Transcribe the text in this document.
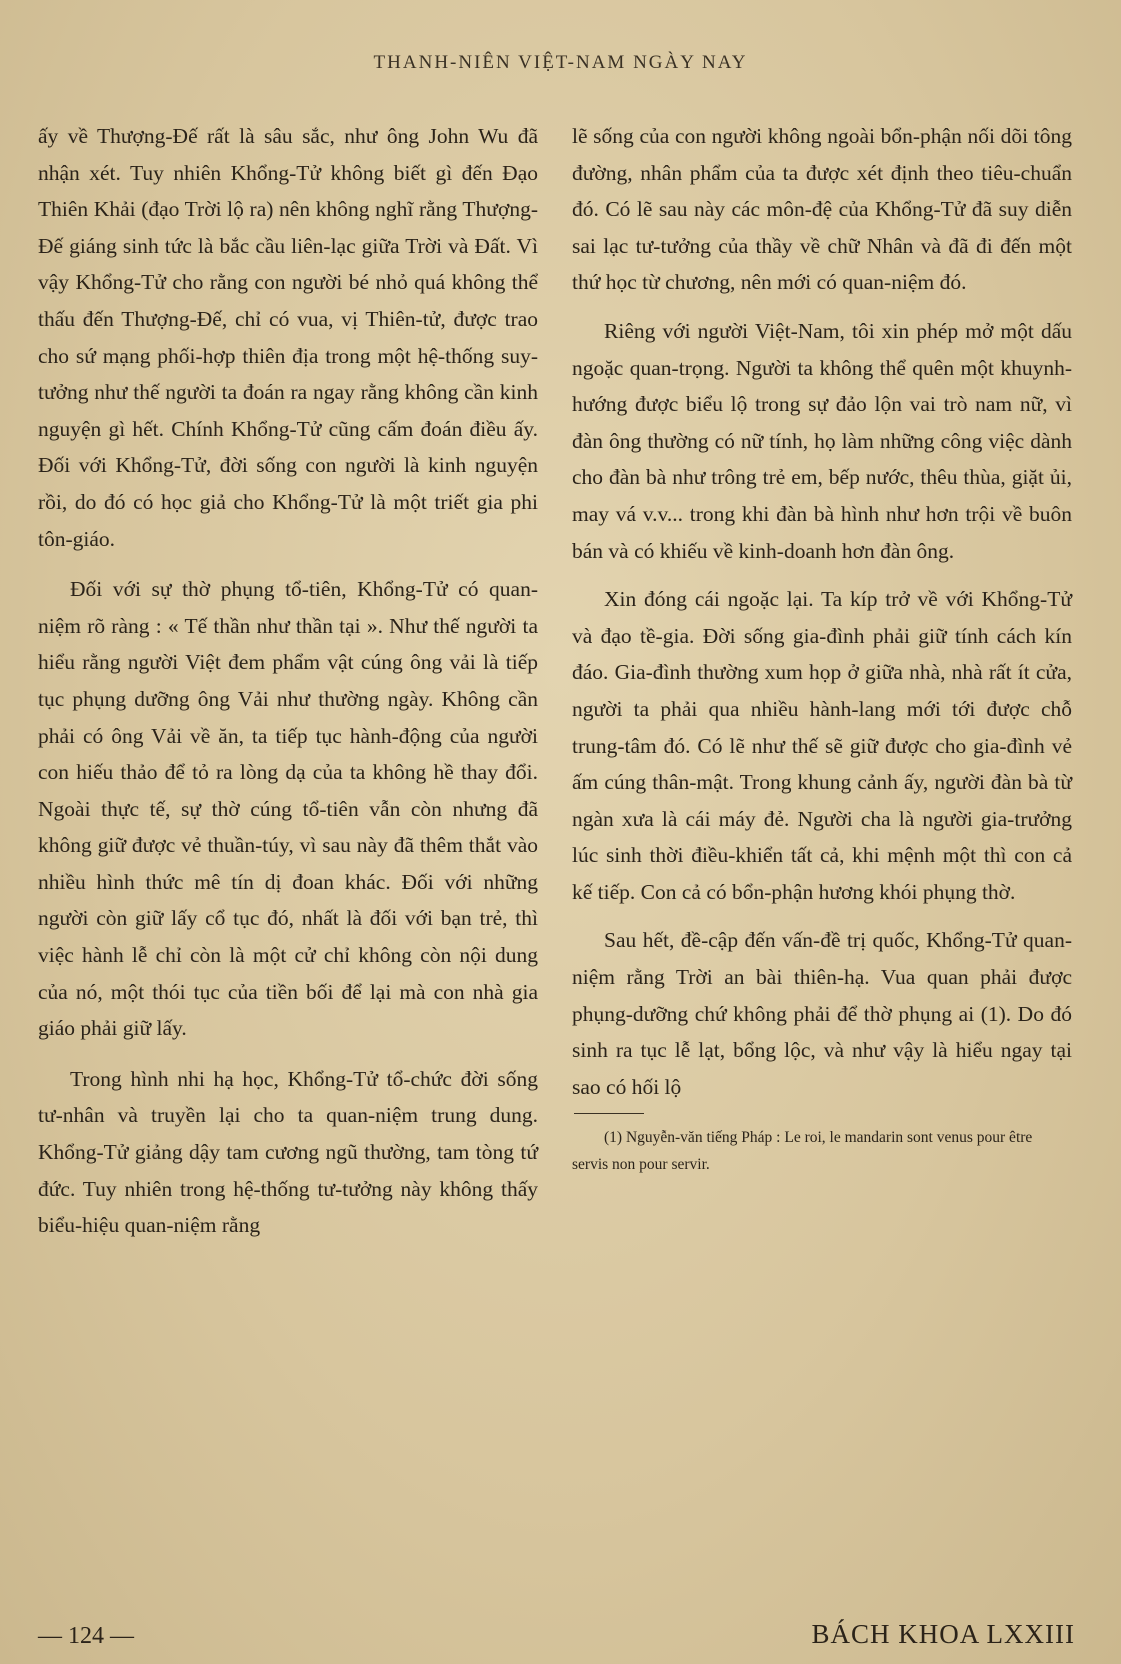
THANH-NIÊN VIỆT-NAM NGÀY NAY

ấy về Thượng-Đế rất là sâu sắc, như ông John Wu đã nhận xét. Tuy nhiên Khổng-Tử không biết gì đến Đạo Thiên Khải (đạo Trời lộ ra) nên không nghĩ rằng Thượng-Đế giáng sinh tức là bắc cầu liên-lạc giữa Trời và Đất. Vì vậy Khổng-Tử cho rằng con người bé nhỏ quá không thể thấu đến Thượng-Đế, chỉ có vua, vị Thiên-tử, được trao cho sứ mạng phối-hợp thiên địa trong một hệ-thống suy-tưởng như thế người ta đoán ra ngay rằng không cần kinh nguyện gì hết. Chính Khổng-Tử cũng cấm đoán điều ấy. Đối với Khổng-Tử, đời sống con người là kinh nguyện rồi, do đó có học giả cho Khổng-Tử là một triết gia phi tôn-giáo.

Đối với sự thờ phụng tổ-tiên, Khổng-Tử có quan-niệm rõ ràng : « Tế thần như thần tại ». Như thế người ta hiểu rằng người Việt đem phẩm vật cúng ông vải là tiếp tục phụng dưỡng ông Vải như thường ngày. Không cần phải có ông Vải về ăn, ta tiếp tục hành-động của người con hiếu thảo để tỏ ra lòng dạ của ta không hề thay đổi. Ngoài thực tế, sự thờ cúng tổ-tiên vẫn còn nhưng đã không giữ được vẻ thuần-túy, vì sau này đã thêm thắt vào nhiều hình thức mê tín dị đoan khác. Đối với những người còn giữ lấy cổ tục đó, nhất là đối với bạn trẻ, thì việc hành lễ chỉ còn là một cử chỉ không còn nội dung của nó, một thói tục của tiền bối để lại mà con nhà gia giáo phải giữ lấy.

Trong hình nhi hạ học, Khổng-Tử tổ-chức đời sống tư-nhân và truyền lại cho ta quan-niệm trung dung. Khổng-Tử giảng dậy tam cương ngũ thường, tam tòng tứ đức. Tuy nhiên trong hệ-thống tư-tưởng này không thấy biểu-hiệu quan-niệm rằng

lẽ sống của con người không ngoài bổn-phận nối dõi tông đường, nhân phẩm của ta được xét định theo tiêu-chuẩn đó. Có lẽ sau này các môn-đệ của Khổng-Tử đã suy diễn sai lạc tư-tưởng của thầy về chữ Nhân và đã đi đến một thứ học từ chương, nên mới có quan-niệm đó.

Riêng với người Việt-Nam, tôi xin phép mở một dấu ngoặc quan-trọng. Người ta không thể quên một khuynh-hướng được biểu lộ trong sự đảo lộn vai trò nam nữ, vì đàn ông thường có nữ tính, họ làm những công việc dành cho đàn bà như trông trẻ em, bếp nước, thêu thùa, giặt ủi, may vá v.v... trong khi đàn bà hình như hơn trội về buôn bán và có khiếu về kinh-doanh hơn đàn ông.

Xin đóng cái ngoặc lại. Ta kíp trở về với Khổng-Tử và đạo tề-gia. Đời sống gia-đình phải giữ tính cách kín đáo. Gia-đình thường xum họp ở giữa nhà, nhà rất ít cửa, người ta phải qua nhiều hành-lang mới tới được chỗ trung-tâm đó. Có lẽ như thế sẽ giữ được cho gia-đình vẻ ấm cúng thân-mật. Trong khung cảnh ấy, người đàn bà từ ngàn xưa là cái máy đẻ. Người cha là người gia-trưởng lúc sinh thời điều-khiển tất cả, khi mệnh một thì con cả kế tiếp. Con cả có bổn-phận hương khói phụng thờ.

Sau hết, đề-cập đến vấn-đề trị quốc, Khổng-Tử quan-niệm rằng Trời an bài thiên-hạ. Vua quan phải được phụng-dưỡng chứ không phải để thờ phụng ai (1). Do đó sinh ra tục lễ lạt, bổng lộc, và như vậy là hiểu ngay tại sao có hối lộ

(1) Nguyễn-văn tiếng Pháp : Le roi, le mandarin sont venus pour être servis non pour servir.

— 124 —	BÁCH KHOA LXXIII
